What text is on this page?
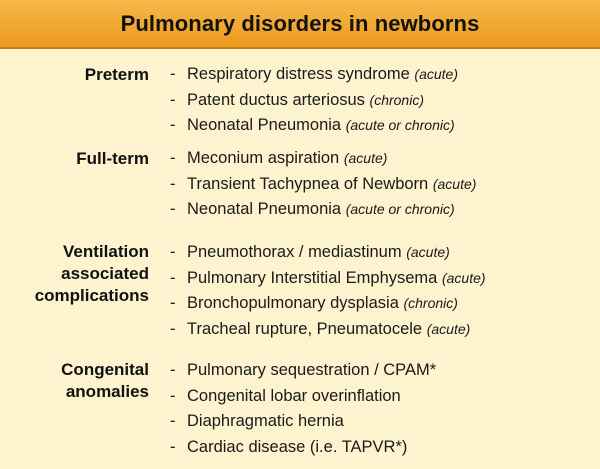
Pulmonary disorders in newborns
Preterm - Respiratory distress syndrome (acute)
- Patent ductus arteriosus (chronic)
- Neonatal Pneumonia (acute or chronic)
Full-term - Meconium aspiration (acute)
- Transient Tachypnea of Newborn (acute)
- Neonatal Pneumonia (acute or chronic)
Ventilation
associated
complications
- Pneumothorax / mediastinum (acute)
- Pulmonary Interstitial Emphysema (acute)
- Bronchopulmonary dysplasia (chronic)
- Tracheal rupture, Pneumatocele (acute)
Congenital
anomalies
- Pulmonary sequestration / CPAM*
- Congenital lobar overinflation
- Diaphragmatic hernia
- Cardiac disease (i.e. TAPVR*)
